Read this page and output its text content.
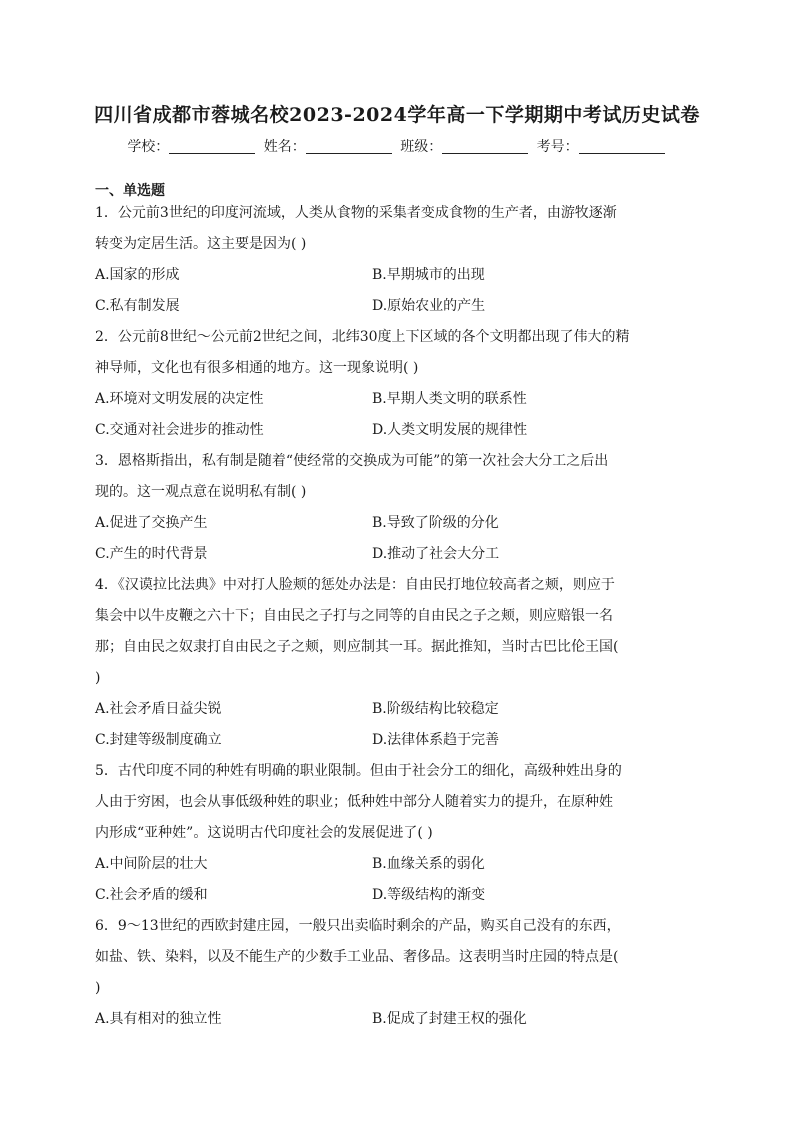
四川省成都市蓉城名校2023-2024学年高一下学期期中考试历史试卷
学校：	姓名：	班级：	考号：
一、单选题
1．公元前3世纪的印度河流域，人类从食物的采集者变成食物的生产者，由游牧逐渐
转变为定居生活。这主要是因为( )
A.国家的形成	B.早期城市的出现
C.私有制发展	D.原始农业的产生
2．公元前8世纪～公元前2世纪之间，北纬30度上下区域的各个文明都出现了伟大的精
神导师，文化也有很多相通的地方。这一现象说明( )
A.环境对文明发展的决定性	B.早期人类文明的联系性
C.交通对社会进步的推动性	D.人类文明发展的规律性
3．恩格斯指出，私有制是随着“使经常的交换成为可能”的第一次社会大分工之后出
现的。这一观点意在说明私有制( )
A.促进了交换产生	B.导致了阶级的分化
C.产生的时代背景	D.推动了社会大分工
4．《汉谟拉比法典》中对打人脸颊的惩处办法是：自由民打地位较高者之颊，则应于
集会中以牛皮鞭之六十下；自由民之子打与之同等的自由民之子之颊，则应赔银一名
那；自由民之奴隶打自由民之子之颊，则应制其一耳。据此推知，当时古巴比伦王国(
)
A.社会矛盾日益尖锐	B.阶级结构比较稳定
C.封建等级制度确立	D.法律体系趋于完善
5．古代印度不同的种姓有明确的职业限制。但由于社会分工的细化，高级种姓出身的
人由于穷困，也会从事低级种姓的职业；低种姓中部分人随着实力的提升，在原种姓
内形成“亚种姓”。这说明古代印度社会的发展促进了( )
A.中间阶层的壮大	B.血缘关系的弱化
C.社会矛盾的缓和	D.等级结构的渐变
6．9～13世纪的西欧封建庄园，一般只出卖临时剩余的产品，购买自己没有的东西，
如盐、铁、染料，以及不能生产的少数手工业品、奢侈品。这表明当时庄园的特点是(
)
A.具有相对的独立性	B.促成了封建王权的强化
